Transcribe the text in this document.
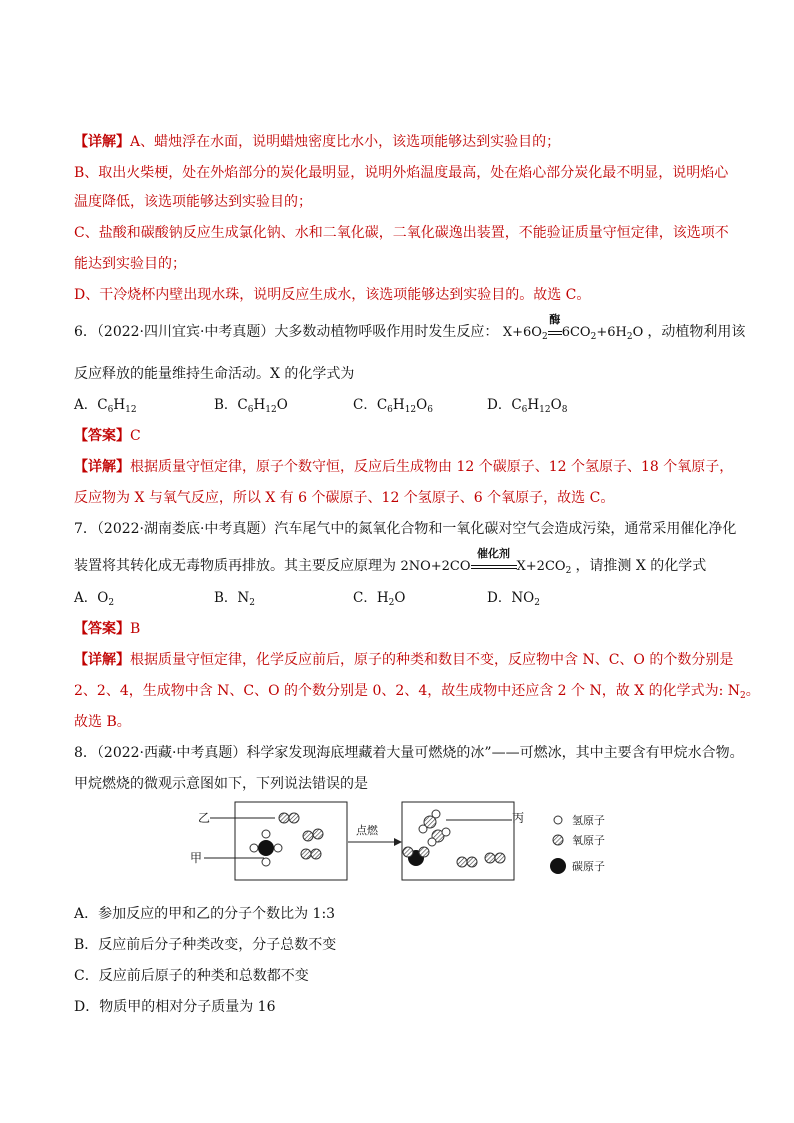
【详解】A、蜡烛浮在水面，说明蜡烛密度比水小，该选项能够达到实验目的；
B、取出火柴梗，处在外焰部分的炭化最明显，说明外焰温度最高，处在焰心部分炭化最不明显，说明焰心
温度降低，该选项能够达到实验目的；
C、盐酸和碳酸钠反应生成氯化钠、水和二氧化碳，二氧化碳逸出装置，不能验证质量守恒定律，该选项不
能达到实验目的；
D、干冷烧杯内壁出现水珠，说明反应生成水，该选项能够达到实验目的。故选 C。
6．（2022·四川宜宾·中考真题）大多数动植物呼吸作用时发生反应： $X+6O_2$
酶
$6CO_2+6H_2O$ ，动植物利用该
反应释放的能量维持生命活动。X 的化学式为
A．$C_6H_{12}$	B．$C_6H_{12}O$	C．$C_6H_{12}O_6$	D．$C_6H_{12}O_8$
【答案】C
【详解】根据质量守恒定律，原子个数守恒，反应后生成物由 12 个碳原子、12 个氢原子、18 个氧原子，
反应物为 X 与氧气反应，所以 X 有 6 个碳原子、12 个氢原子、6 个氧原子，故选 C。
7．（2022·湖南娄底·中考真题）汽车尾气中的氮氧化合物和一氧化碳对空气会造成污染，通常采用催化净化
装置将其转化成无毒物质再排放。其主要反应原理为 2NO+2CO
催化剂
$X+2CO_2$ ，请推测 X 的化学式
A．$O_2$	B．$N_2$	C．$H_2O$	D．$NO_2$
【答案】B
【详解】根据质量守恒定律，化学反应前后，原子的种类和数目不变，反应物中含 N、C、O 的个数分别是
2、2、4，生成物中含 N、C、O 的个数分别是 0、2、4，故生成物中还应含 2 个 N，故 X 的化学式为: $N_2$。
故选 B。
8．（2022·西藏·中考真题）科学家发现海底埋藏着大量可燃烧的冰”——可燃冰，其中主要含有甲烷水合物。
甲烷燃烧的微观示意图如下，下列说法错误的是
乙
甲
点燃
丙	氢原子
氧原子
碳原子
A．参加反应的甲和乙的分子个数比为 1:3
B．反应前后分子种类改变，分子总数不变
C．反应前后原子的种类和总数都不变
D．物质甲的相对分子质量为 16
